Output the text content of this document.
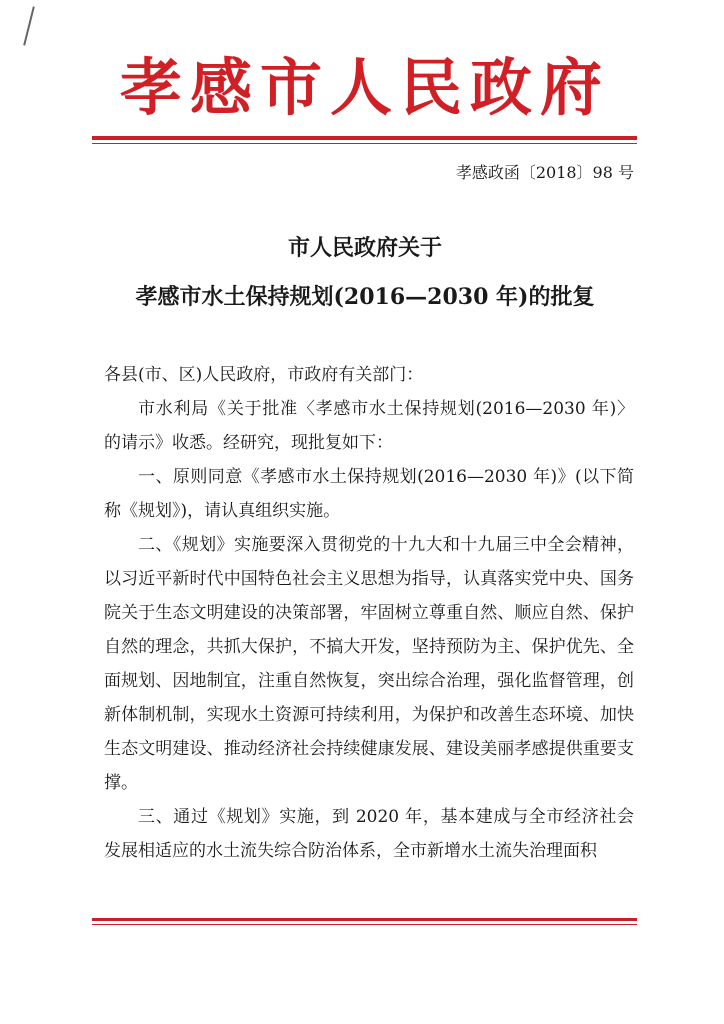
孝感市人民政府
孝感政函〔2018〕98 号
市人民政府关于
孝感市水土保持规划(2016—2030 年)的批复

各县(市、区)人民政府，市政府有关部门：

市水利局《关于批准〈孝感市水土保持规划(2016—2030 年)〉的请示》收悉。经研究，现批复如下：

一、原则同意《孝感市水土保持规划(2016—2030 年)》(以下简称《规划》)，请认真组织实施。

二、《规划》实施要深入贯彻党的十九大和十九届三中全会精神，以习近平新时代中国特色社会主义思想为指导，认真落实党中央、国务院关于生态文明建设的决策部署，牢固树立尊重自然、顺应自然、保护自然的理念，共抓大保护，不搞大开发，坚持预防为主、保护优先、全面规划、因地制宜，注重自然恢复，突出综合治理，强化监督管理，创新体制机制，实现水土资源可持续利用，为保护和改善生态环境、加快生态文明建设、推动经济社会持续健康发展、建设美丽孝感提供重要支撑。

三、通过《规划》实施，到 2020 年，基本建成与全市经济社会发展相适应的水土流失综合防治体系，全市新增水土流失治理面积
